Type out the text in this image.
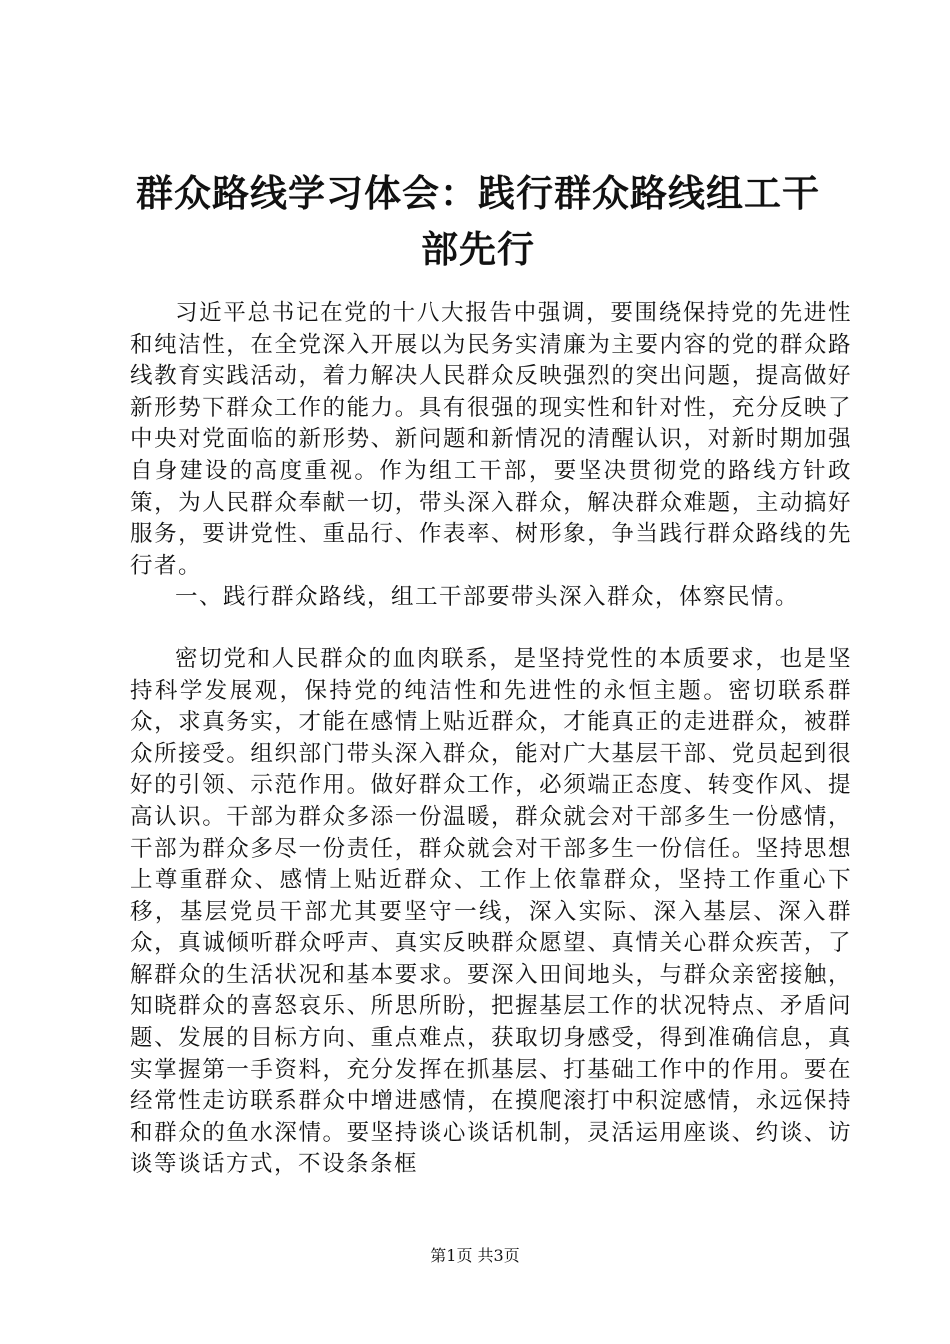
群众路线学习体会：践行群众路线组工干部先行

习近平总书记在党的十八大报告中强调，要围绕保持党的先进性和纯洁性，在全党深入开展以为民务实清廉为主要内容的党的群众路线教育实践活动，着力解决人民群众反映强烈的突出问题，提高做好新形势下群众工作的能力。具有很强的现实性和针对性，充分反映了中央对党面临的新形势、新问题和新情况的清醒认识，对新时期加强自身建设的高度重视。作为组工干部，要坚决贯彻党的路线方针政策，为人民群众奉献一切，带头深入群众，解决群众难题，主动搞好服务，要讲党性、重品行、作表率、树形象，争当践行群众路线的先行者。

一、践行群众路线，组工干部要带头深入群众，体察民情。

密切党和人民群众的血肉联系，是坚持党性的本质要求，也是坚持科学发展观，保持党的纯洁性和先进性的永恒主题。密切联系群众，求真务实，才能在感情上贴近群众，才能真正的走进群众，被群众所接受。组织部门带头深入群众，能对广大基层干部、党员起到很好的引领、示范作用。做好群众工作，必须端正态度、转变作风、提高认识。干部为群众多添一份温暖，群众就会对干部多生一份感情，干部为群众多尽一份责任，群众就会对干部多生一份信任。坚持思想上尊重群众、感情上贴近群众、工作上依靠群众，坚持工作重心下移，基层党员干部尤其要坚守一线，深入实际、深入基层、深入群众，真诚倾听群众呼声、真实反映群众愿望、真情关心群众疾苦，了解群众的生活状况和基本要求。要深入田间地头，与群众亲密接触，知晓群众的喜怒哀乐、所思所盼，把握基层工作的状况特点、矛盾问题、发展的目标方向、重点难点，获取切身感受，得到准确信息，真实掌握第一手资料，充分发挥在抓基层、打基础工作中的作用。要在经常性走访联系群众中增进感情，在摸爬滚打中积淀感情，永远保持和群众的鱼水深情。要坚持谈心谈话机制，灵活运用座谈、约谈、访谈等谈话方式，不设条条框

第1页 共3页
